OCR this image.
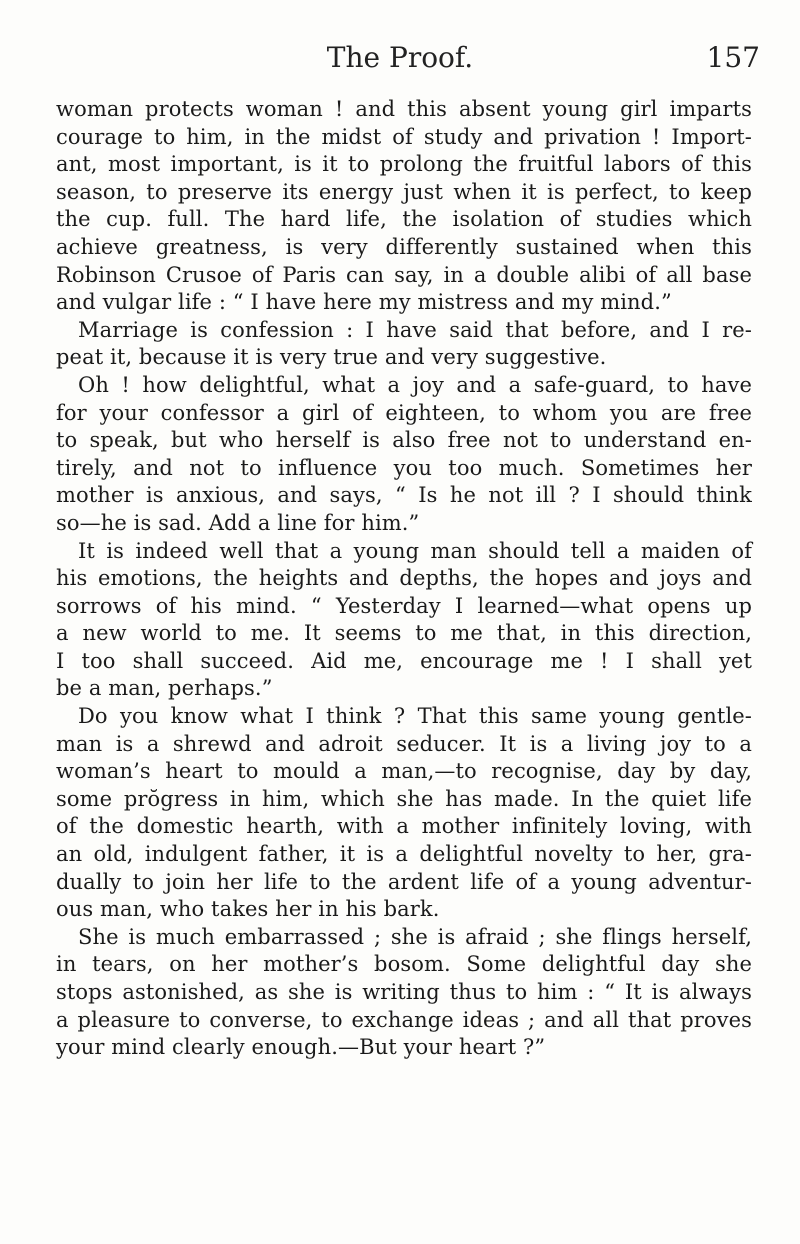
The Proof.	157
woman protects woman ! and this absent young girl imparts
courage to him, in the midst of study and privation ! Import-
ant, most important, is it to prolong the fruitful labors of this
season, to preserve its energy just when it is perfect, to keep
the cup. full. The hard life, the isolation of studies which
achieve greatness, is very differently sustained when this
Robinson Crusoe of Paris can say, in a double alibi of all base
and vulgar life : “ I have here my mistress and my mind.”
Marriage is confession : I have said that before, and I re-
peat it, because it is very true and very suggestive.
Oh ! how delightful, what a joy and a safe-guard, to have
for your confessor a girl of eighteen, to whom you are free
to speak, but who herself is also free not to understand en-
tirely, and not to influence you too much. Sometimes her
mother is anxious, and says, “ Is he not ill ? I should think
so—he is sad. Add a line for him.”
It is indeed well that a young man should tell a maiden of
his emotions, the heights and depths, the hopes and joys and
sorrows of his mind. “ Yesterday I learned—what opens up
a new world to me. It seems to me that, in this direction,
I too shall succeed. Aid me, encourage me ! I shall yet
be a man, perhaps.”
Do you know what I think ? That this same young gentle-
man is a shrewd and adroit seducer. It is a living joy to a
woman’s heart to mould a man,—to recognise, day by day,
some prŏgress in him, which she has made. In the quiet life
of the domestic hearth, with a mother infinitely loving, with
an old, indulgent father, it is a delightful novelty to her, gra-
dually to join her life to the ardent life of a young adventur-
ous man, who takes her in his bark.
She is much embarrassed ; she is afraid ; she flings herself,
in tears, on her mother’s bosom. Some delightful day she
stops astonished, as she is writing thus to him : “ It is always
a pleasure to converse, to exchange ideas ; and all that proves
your mind clearly enough.—But your heart ?”
